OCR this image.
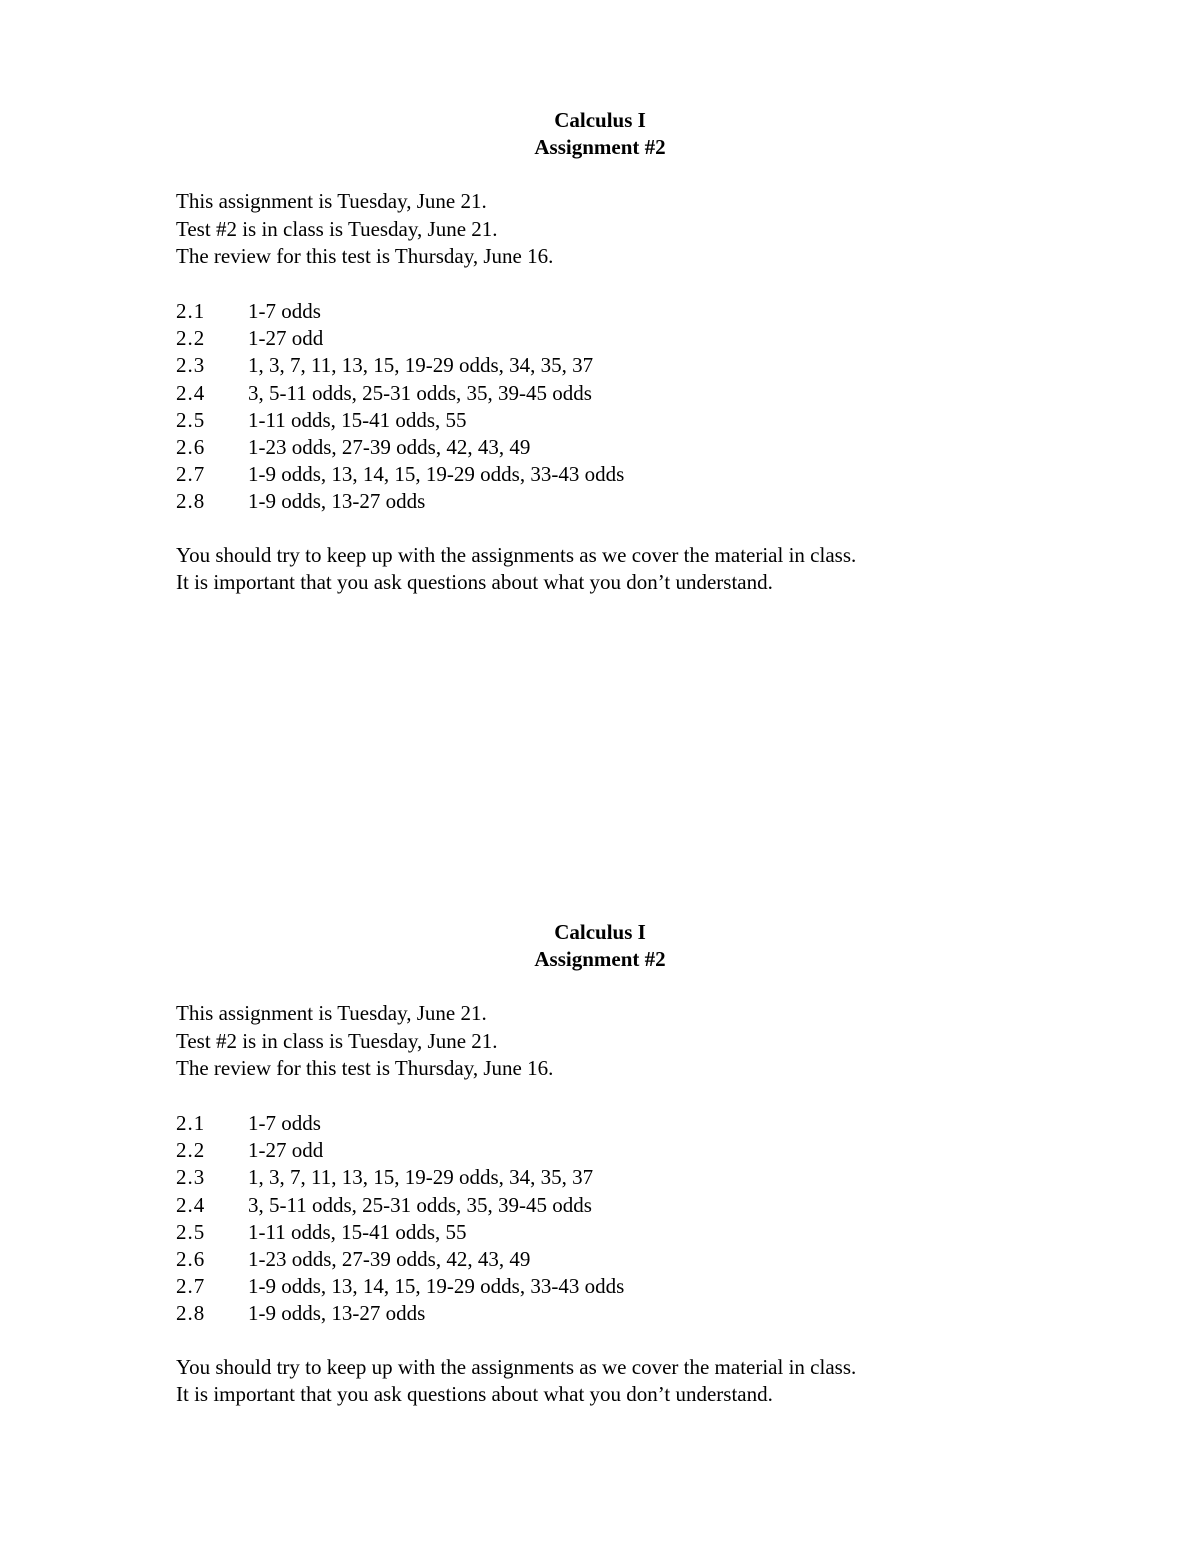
Calculus I
Assignment #2
This assignment is Tuesday, June 21.
Test #2 is in class is Tuesday, June 21.
The review for this test is Thursday, June 16.
2.1	1-7 odds
2.2	1-27 odd
2.3	1, 3, 7, 11, 13, 15, 19-29 odds, 34, 35, 37
2.4	3, 5-11 odds, 25-31 odds, 35, 39-45 odds
2.5	1-11 odds, 15-41 odds, 55
2.6	1-23 odds, 27-39 odds, 42, 43, 49
2.7	1-9 odds, 13, 14, 15, 19-29 odds, 33-43 odds
2.8	1-9 odds, 13-27 odds
You should try to keep up with the assignments as we cover the material in class.
It is important that you ask questions about what you don’t understand.
Calculus I
Assignment #2
This assignment is Tuesday, June 21.
Test #2 is in class is Tuesday, June 21.
The review for this test is Thursday, June 16.
2.1	1-7 odds
2.2	1-27 odd
2.3	1, 3, 7, 11, 13, 15, 19-29 odds, 34, 35, 37
2.4	3, 5-11 odds, 25-31 odds, 35, 39-45 odds
2.5	1-11 odds, 15-41 odds, 55
2.6	1-23 odds, 27-39 odds, 42, 43, 49
2.7	1-9 odds, 13, 14, 15, 19-29 odds, 33-43 odds
2.8	1-9 odds, 13-27 odds
You should try to keep up with the assignments as we cover the material in class.
It is important that you ask questions about what you don’t understand.
